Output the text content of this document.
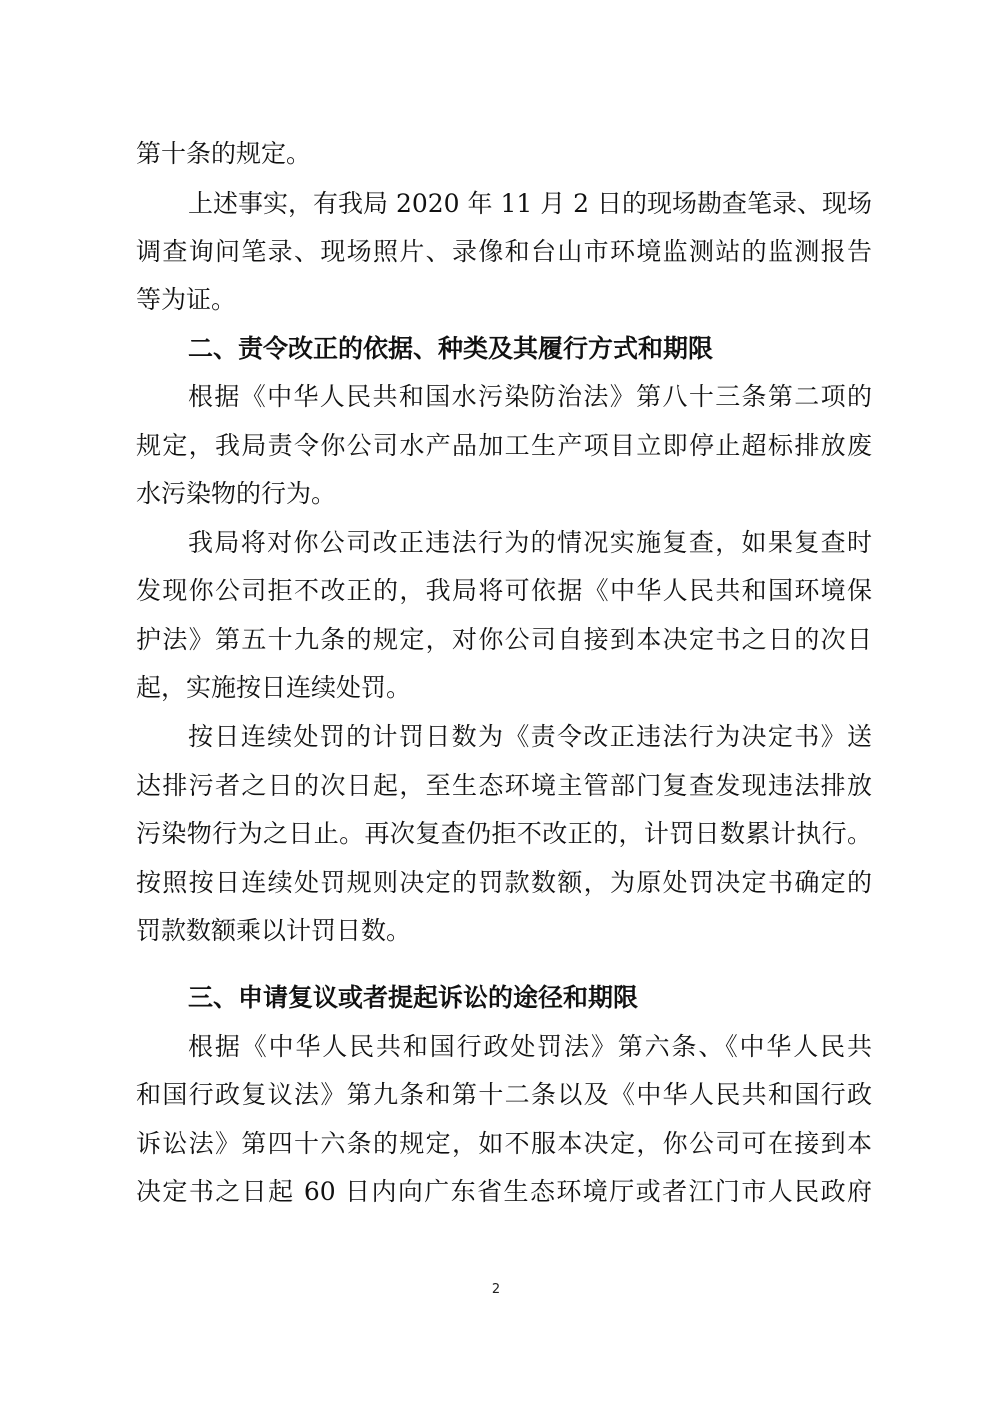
第十条的规定。
上述事实，有我局 2020 年 11 月 2 日的现场勘查笔录、现场
调查询问笔录、现场照片、录像和台山市环境监测站的监测报告
等为证。
二、责令改正的依据、种类及其履行方式和期限
根据《中华人民共和国水污染防治法》第八十三条第二项的
规定，我局责令你公司水产品加工生产项目立即停止超标排放废
水污染物的行为。
我局将对你公司改正违法行为的情况实施复查，如果复查时
发现你公司拒不改正的，我局将可依据《中华人民共和国环境保
护法》第五十九条的规定，对你公司自接到本决定书之日的次日
起，实施按日连续处罚。
按日连续处罚的计罚日数为《责令改正违法行为决定书》送
达排污者之日的次日起，至生态环境主管部门复查发现违法排放
污染物行为之日止。再次复查仍拒不改正的，计罚日数累计执行。
按照按日连续处罚规则决定的罚款数额，为原处罚决定书确定的
罚款数额乘以计罚日数。
三、申请复议或者提起诉讼的途径和期限
根据《中华人民共和国行政处罚法》第六条、《中华人民共
和国行政复议法》第九条和第十二条以及《中华人民共和国行政
诉讼法》第四十六条的规定，如不服本决定，你公司可在接到本
决定书之日起 60 日内向广东省生态环境厅或者江门市人民政府
2
